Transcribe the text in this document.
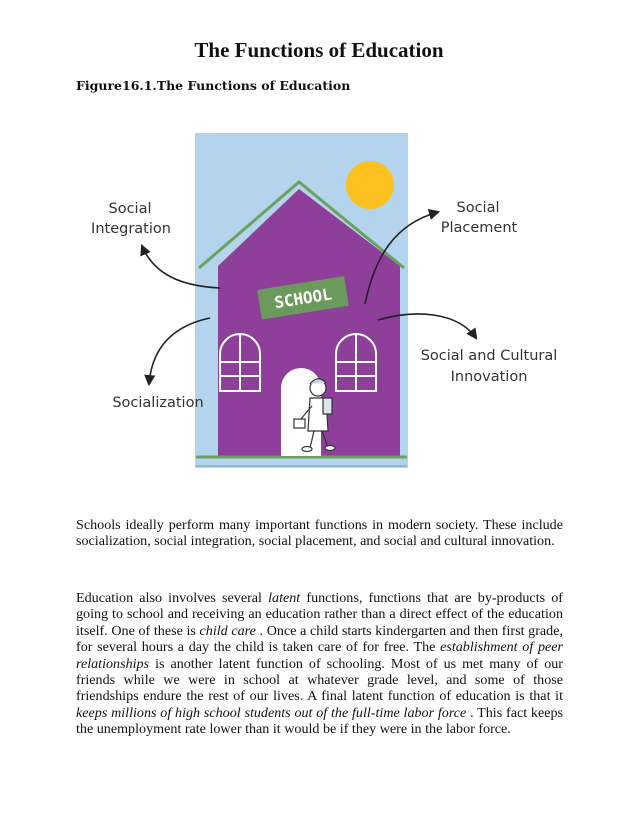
The Functions of Education
Figure16.1.The Functions of Education
SCHOOL
Social
Integration
Social
Placement
Social and Cultural
Innovation
Socialization

Schools ideally perform many important functions in modern society. These include socialization, social integration, social placement, and social and cultural innovation.

Education also involves several latent functions, functions that are by-products of going to school and receiving an education rather than a direct effect of the education itself. One of these is child care . Once a child starts kindergarten and then first grade, for several hours a day the child is taken care of for free. The establishment of peer relationships is another latent function of schooling. Most of us met many of our friends while we were in school at whatever grade level, and some of those friendships endure the rest of our lives. A final latent function of education is that it keeps millions of high school students out of the full-time labor force . This fact keeps the unemployment rate lower than it would be if they were in the labor force.
